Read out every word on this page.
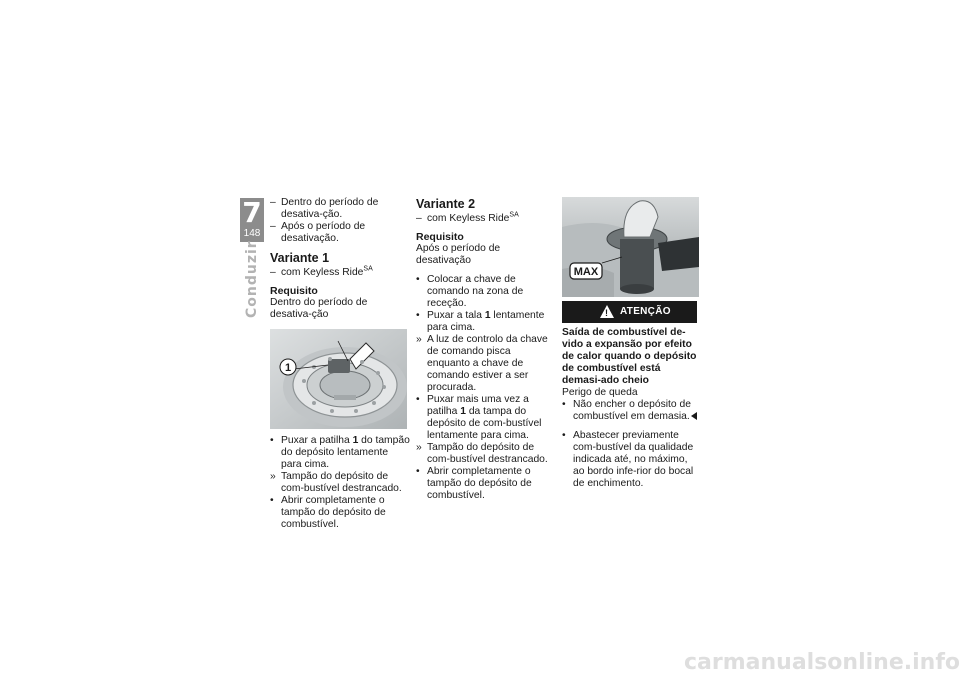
7
148
Conduzir
– Dentro do período de desativa-ção.
– Após o período de desativação.
Variante 1
– com Keyless Ride$^{SA}$
Requisito
Dentro do período de desativa-ção
1
• Puxar a patilha 1 do tampão do depósito lentamente para cima.
» Tampão do depósito de com-bustível destrancado.
• Abrir completamente o tampão do depósito de combustível.
Variante 2
– com Keyless Ride$^{SA}$
Requisito
Após o período de desativação
• Colocar a chave de comando na zona de receção.
• Puxar a tala 1 lentamente para cima.
» A luz de controlo da chave de comando pisca enquanto a chave de comando estiver a ser procurada.
• Puxar mais uma vez a patilha 1 da tampa do depósito de com-bustível lentamente para cima.
» Tampão do depósito de com-bustível destrancado.
• Abrir completamente o tampão do depósito de combustível.
MAX
! ATENÇÃO
Saída de combustível de-vido a expansão por efeito de calor quando o depósito de combustível está demasi-ado cheio
Perigo de queda
• Não encher o depósito de combustível em demasia.
• Abastecer previamente com-bustível da qualidade indicada até, no máximo, ao bordo infe-rior do bocal de enchimento.
carmanualsonline.info
